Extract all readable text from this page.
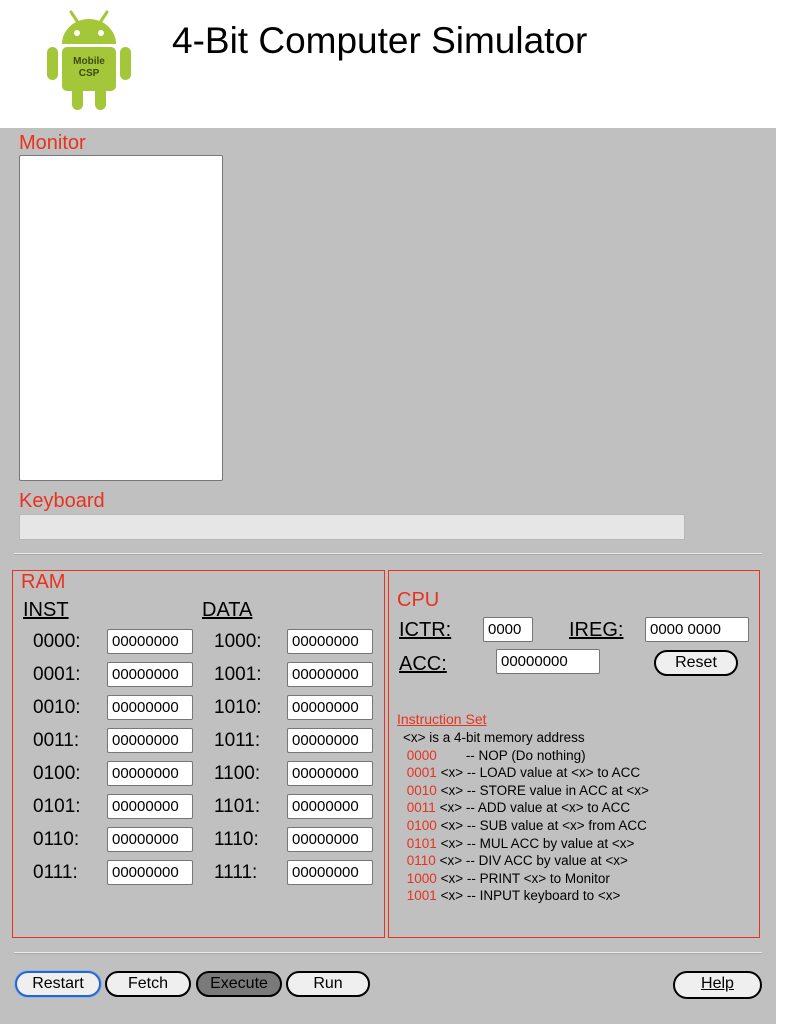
Mobile
CSP
4-Bit Computer Simulator
Monitor
Keyboard
RAM
INST	DATA
0000:	00000000	1000:	00000000
0001:	00000000	1001:	00000000
0010:	00000000	1010:	00000000
0011:	00000000	1011:	00000000
0100:	00000000	1100:	00000000
0101:	00000000	1101:	00000000
0110:	00000000	1110:	00000000
0111:	00000000	1111:	00000000
CPU
ICTR:	0000	IREG:	0000 0000
ACC:	00000000	Reset
Instruction Set
<x> is a 4-bit memory address
0000 -- NOP (Do nothing)
0001 <x> -- LOAD value at <x> to ACC
0010 <x> -- STORE value in ACC at <x>
0011 <x> -- ADD value at <x> to ACC
0100 <x> -- SUB value at <x> from ACC
0101 <x> -- MUL ACC by value at <x>
0110 <x> -- DIV ACC by value at <x>
1000 <x> -- PRINT <x> to Monitor
1001 <x> -- INPUT keyboard to <x>
Restart	Fetch	Execute	Run	Help
